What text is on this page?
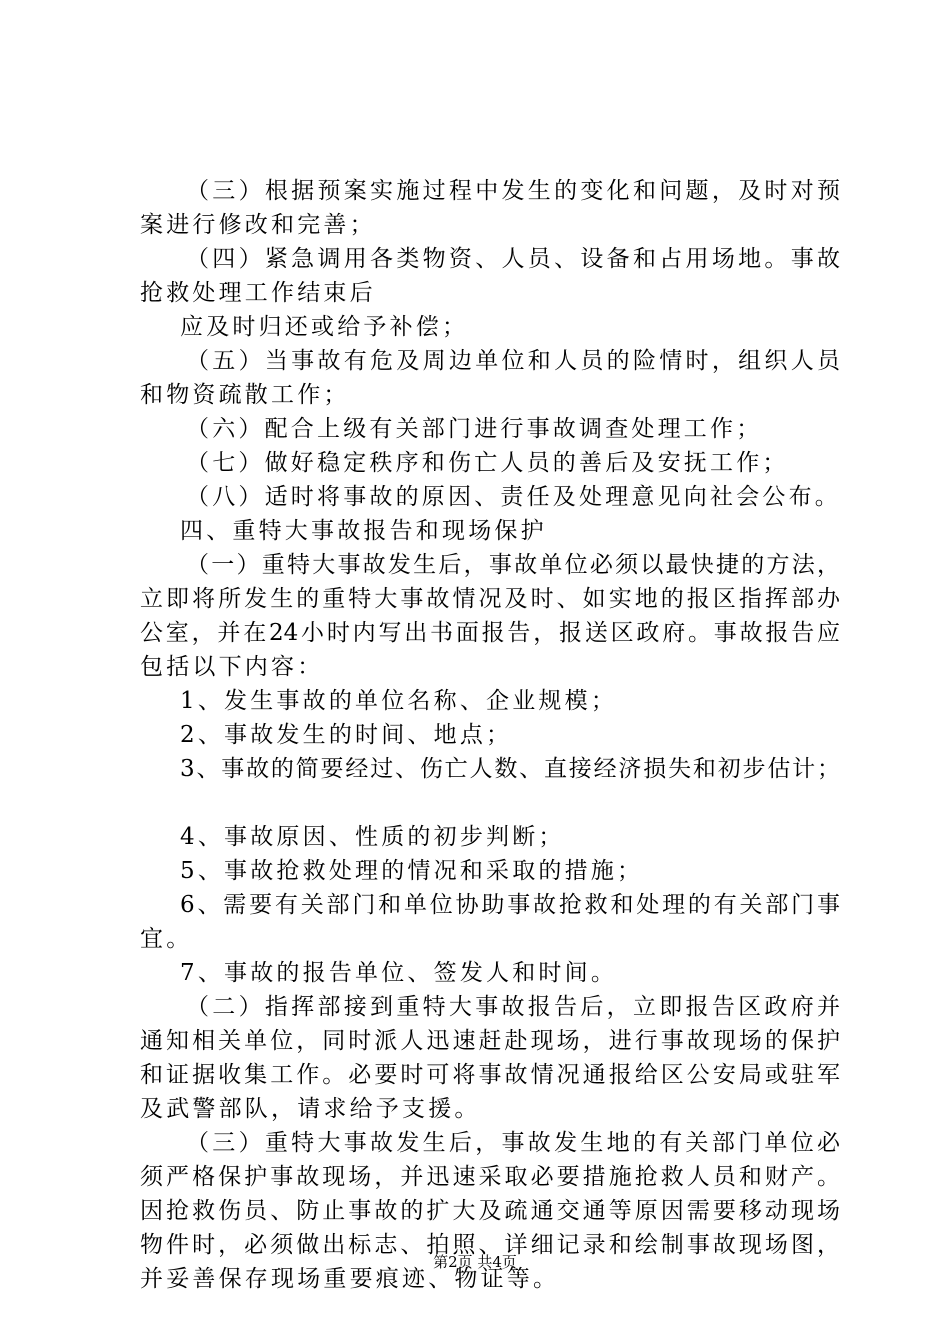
（三）根据预案实施过程中发生的变化和问题，及时对预
案进行修改和完善；
（四）紧急调用各类物资、人员、设备和占用场地。事故
抢救处理工作结束后
应及时归还或给予补偿；
（五）当事故有危及周边单位和人员的险情时，组织人员
和物资疏散工作；
（六）配合上级有关部门进行事故调查处理工作；
（七）做好稳定秩序和伤亡人员的善后及安抚工作；
（八）适时将事故的原因、责任及处理意见向社会公布。
四、重特大事故报告和现场保护
（一）重特大事故发生后，事故单位必须以最快捷的方法，
立即将所发生的重特大事故情况及时、如实地的报区指挥部办
公室，并在24小时内写出书面报告，报送区政府。事故报告应
包括以下内容：
1、发生事故的单位名称、企业规模；
2、事故发生的时间、地点；
3、事故的简要经过、伤亡人数、直接经济损失和初步估计；
4、事故原因、性质的初步判断；
5、事故抢救处理的情况和采取的措施；
6、需要有关部门和单位协助事故抢救和处理的有关部门事
宜。
7、事故的报告单位、签发人和时间。
（二）指挥部接到重特大事故报告后，立即报告区政府并
通知相关单位，同时派人迅速赶赴现场，进行事故现场的保护
和证据收集工作。必要时可将事故情况通报给区公安局或驻军
及武警部队，请求给予支援。
（三）重特大事故发生后，事故发生地的有关部门单位必
须严格保护事故现场，并迅速采取必要措施抢救人员和财产。
因抢救伤员、防止事故的扩大及疏通交通等原因需要移动现场
物件时，必须做出标志、拍照、详细记录和绘制事故现场图，
并妥善保存现场重要痕迹、物证等。
第2页 共4页
